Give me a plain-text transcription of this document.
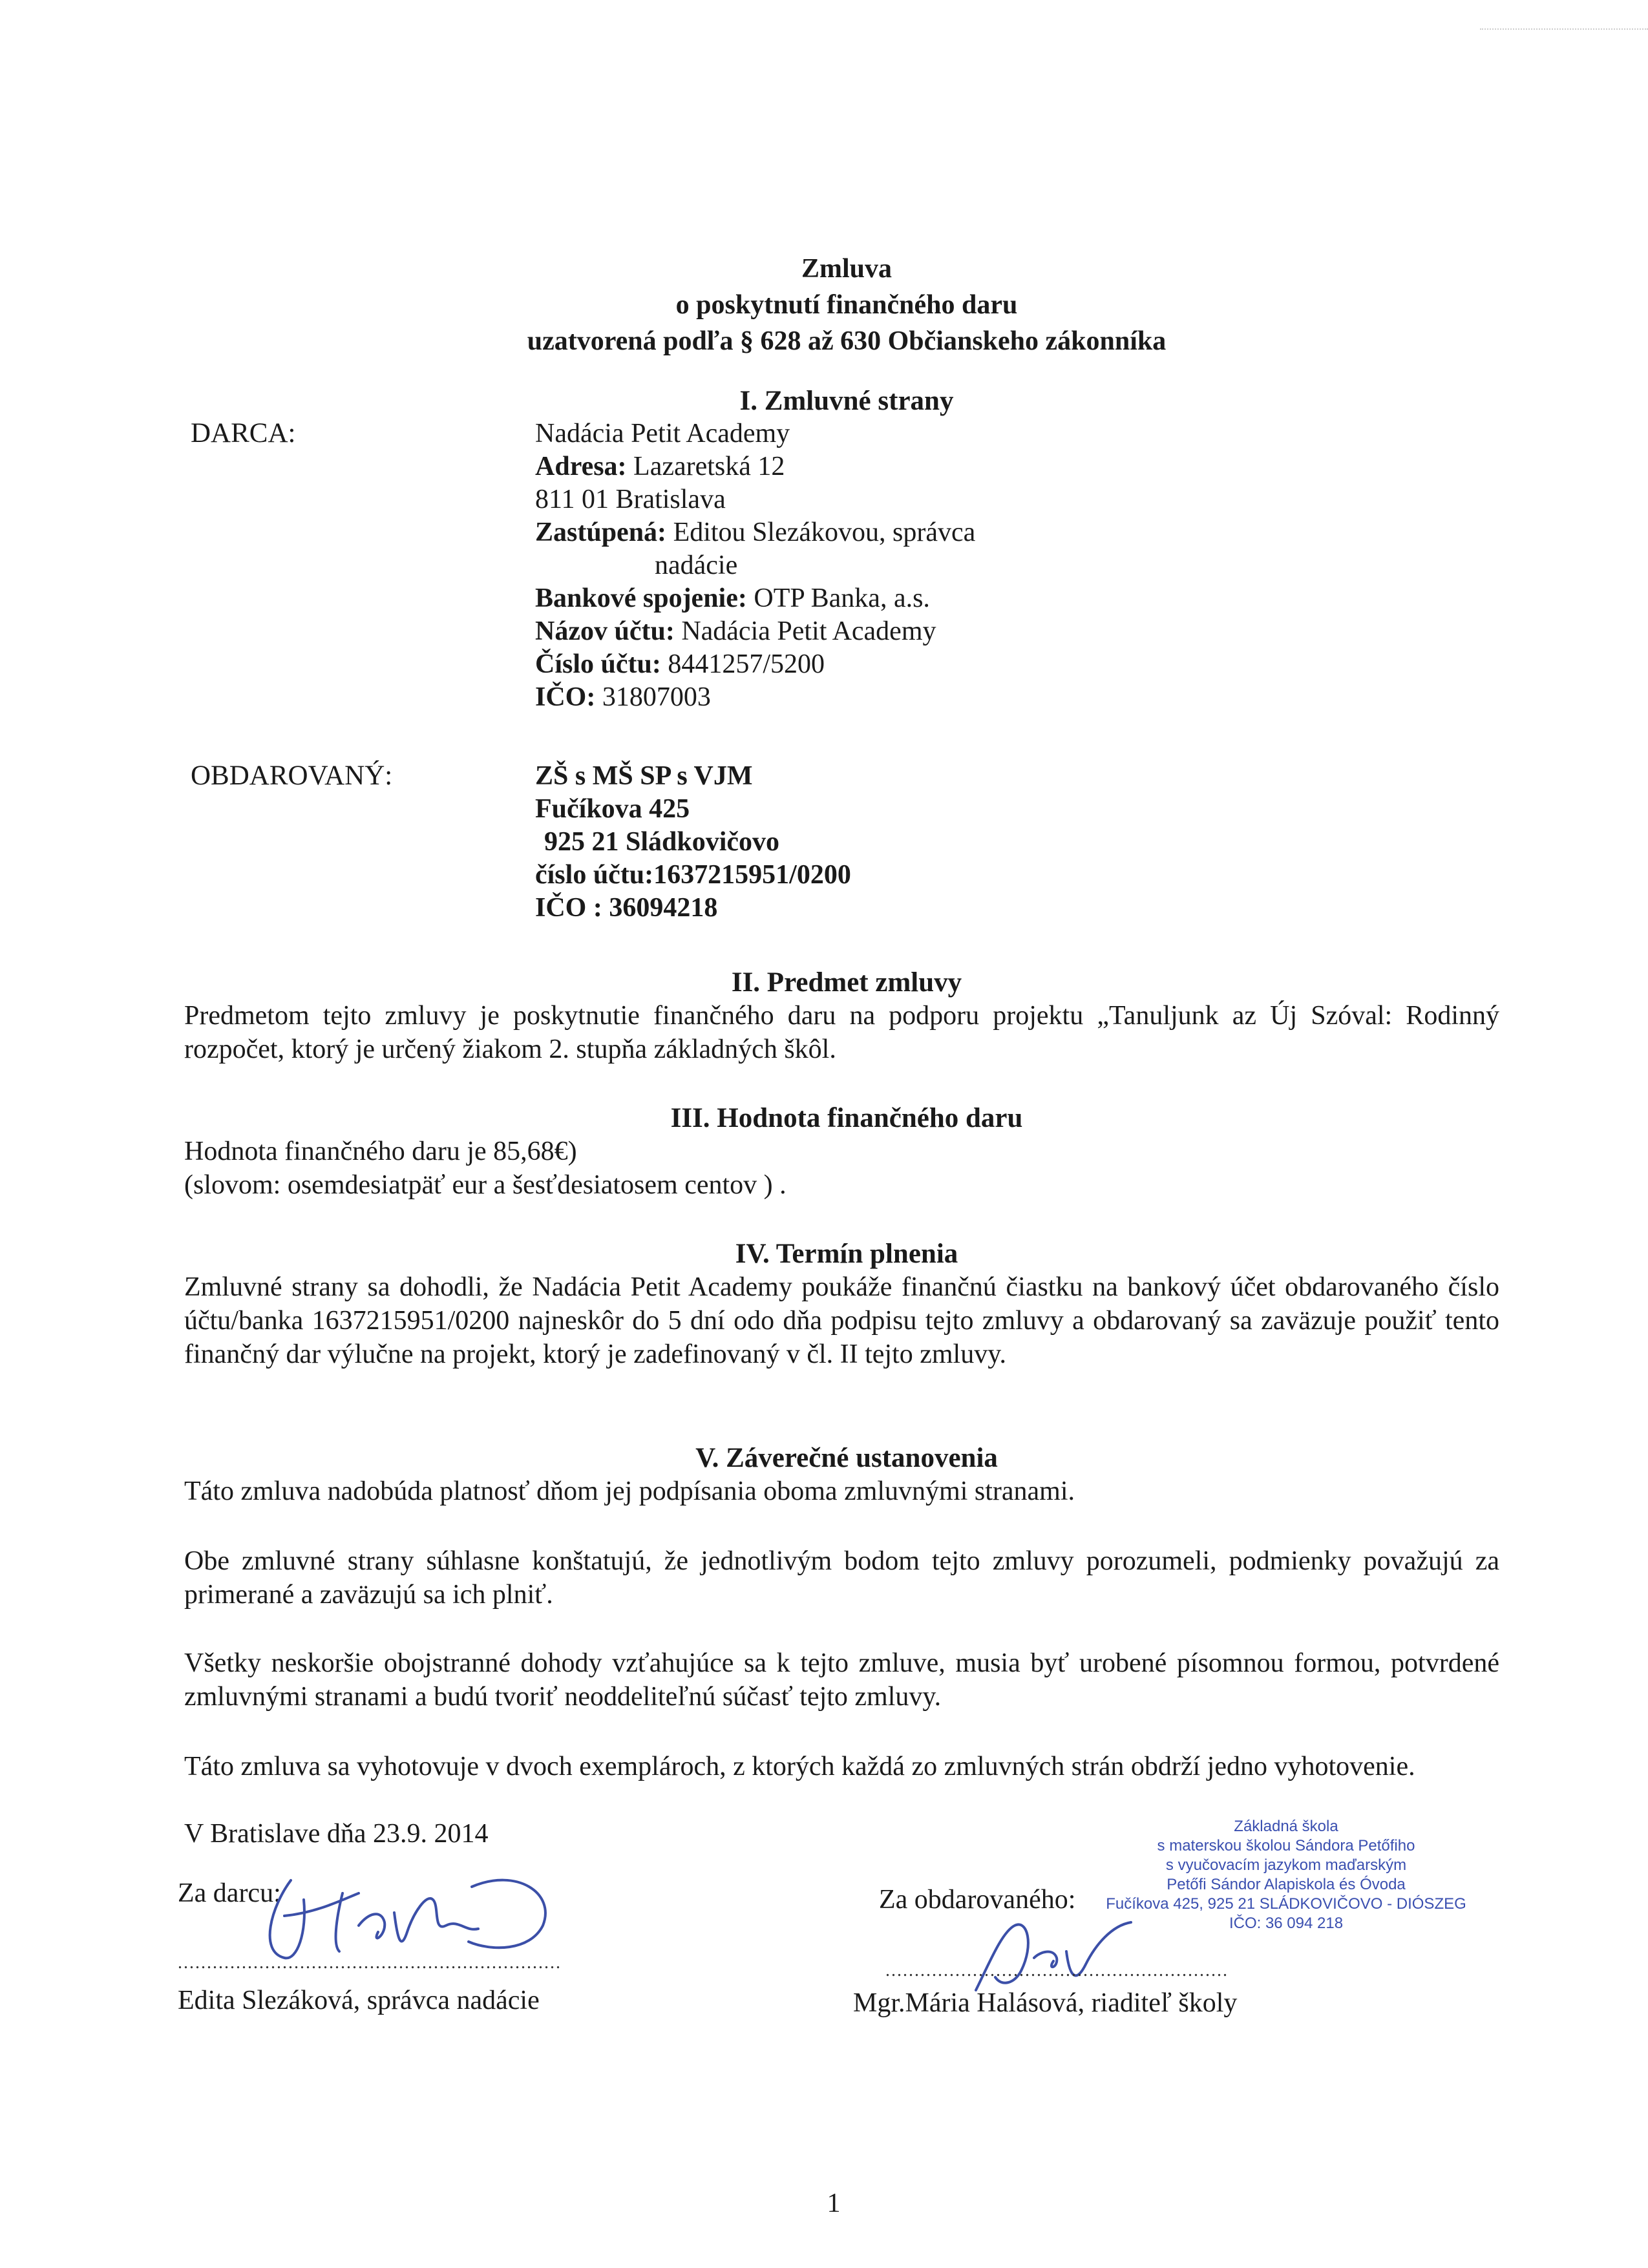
Zmluva
o poskytnutí finančného daru
uzatvorená podľa § 628 až 630 Občianskeho zákonníka
I. Zmluvné strany
DARCA:	Nadácia Petit Academy
Adresa: Lazaretská 12
811 01 Bratislava
Zastúpená: Editou Slezákovou, správca
nadácie
Bankové spojenie: OTP Banka, a.s.
Názov účtu: Nadácia Petit Academy
Číslo účtu: 8441257/5200
IČO: 31807003
OBDAROVANÝ:	ZŠ s MŠ SP s VJM
Fučíkova 425
925 21 Sládkovičovo
číslo účtu:1637215951/0200
IČO : 36094218
II. Predmet zmluvy
Predmetom tejto zmluvy je poskytnutie finančného daru na podporu projektu „Tanuljunk az Új Szóval: Rodinný rozpočet, ktorý je určený žiakom 2. stupňa základných škôl.
III. Hodnota finančného daru
Hodnota finančného daru je 85,68€)
(slovom: osemdesiatpäť eur a šesťdesiatosem centov ) .
IV. Termín plnenia
Zmluvné strany sa dohodli, že Nadácia Petit Academy poukáže finančnú čiastku na bankový účet obdarovaného číslo účtu/banka 1637215951/0200 najneskôr do 5 dní odo dňa podpisu tejto zmluvy a obdarovaný sa zaväzuje použiť tento finančný dar výlučne na projekt, ktorý je zadefinovaný v čl. II tejto zmluvy.
V. Záverečné ustanovenia
Táto zmluva nadobúda platnosť dňom jej podpísania oboma zmluvnými stranami.
Obe zmluvné strany súhlasne konštatujú, že jednotlivým bodom tejto zmluvy porozumeli, podmienky považujú za primerané a zaväzujú sa ich plniť.
Všetky neskoršie obojstranné dohody vzťahujúce sa k tejto zmluve, musia byť urobené písomnou formou, potvrdené zmluvnými stranami a budú tvoriť neoddeliteľnú súčasť tejto zmluvy.
Táto zmluva sa vyhotovuje v dvoch exemplároch, z ktorých každá zo zmluvných strán obdrží jedno vyhotovenie.
V Bratislave dňa 23.9. 2014
Za darcu:
..................................................................
Edita Slezáková, správca nadácie
Za obdarovaného:
Základná škola
s materskou školou Sándora Petőfiho
s vyučovacím jazykom maďarským
Petőfi Sándor Alapiskola és Óvoda
Fučíkova 425, 925 21 SLÁDKOVIČOVO - DIÓSZEG
IČO: 36 094 218
...........................................................
Mgr.Mária Halásová, riaditeľ školy
1
